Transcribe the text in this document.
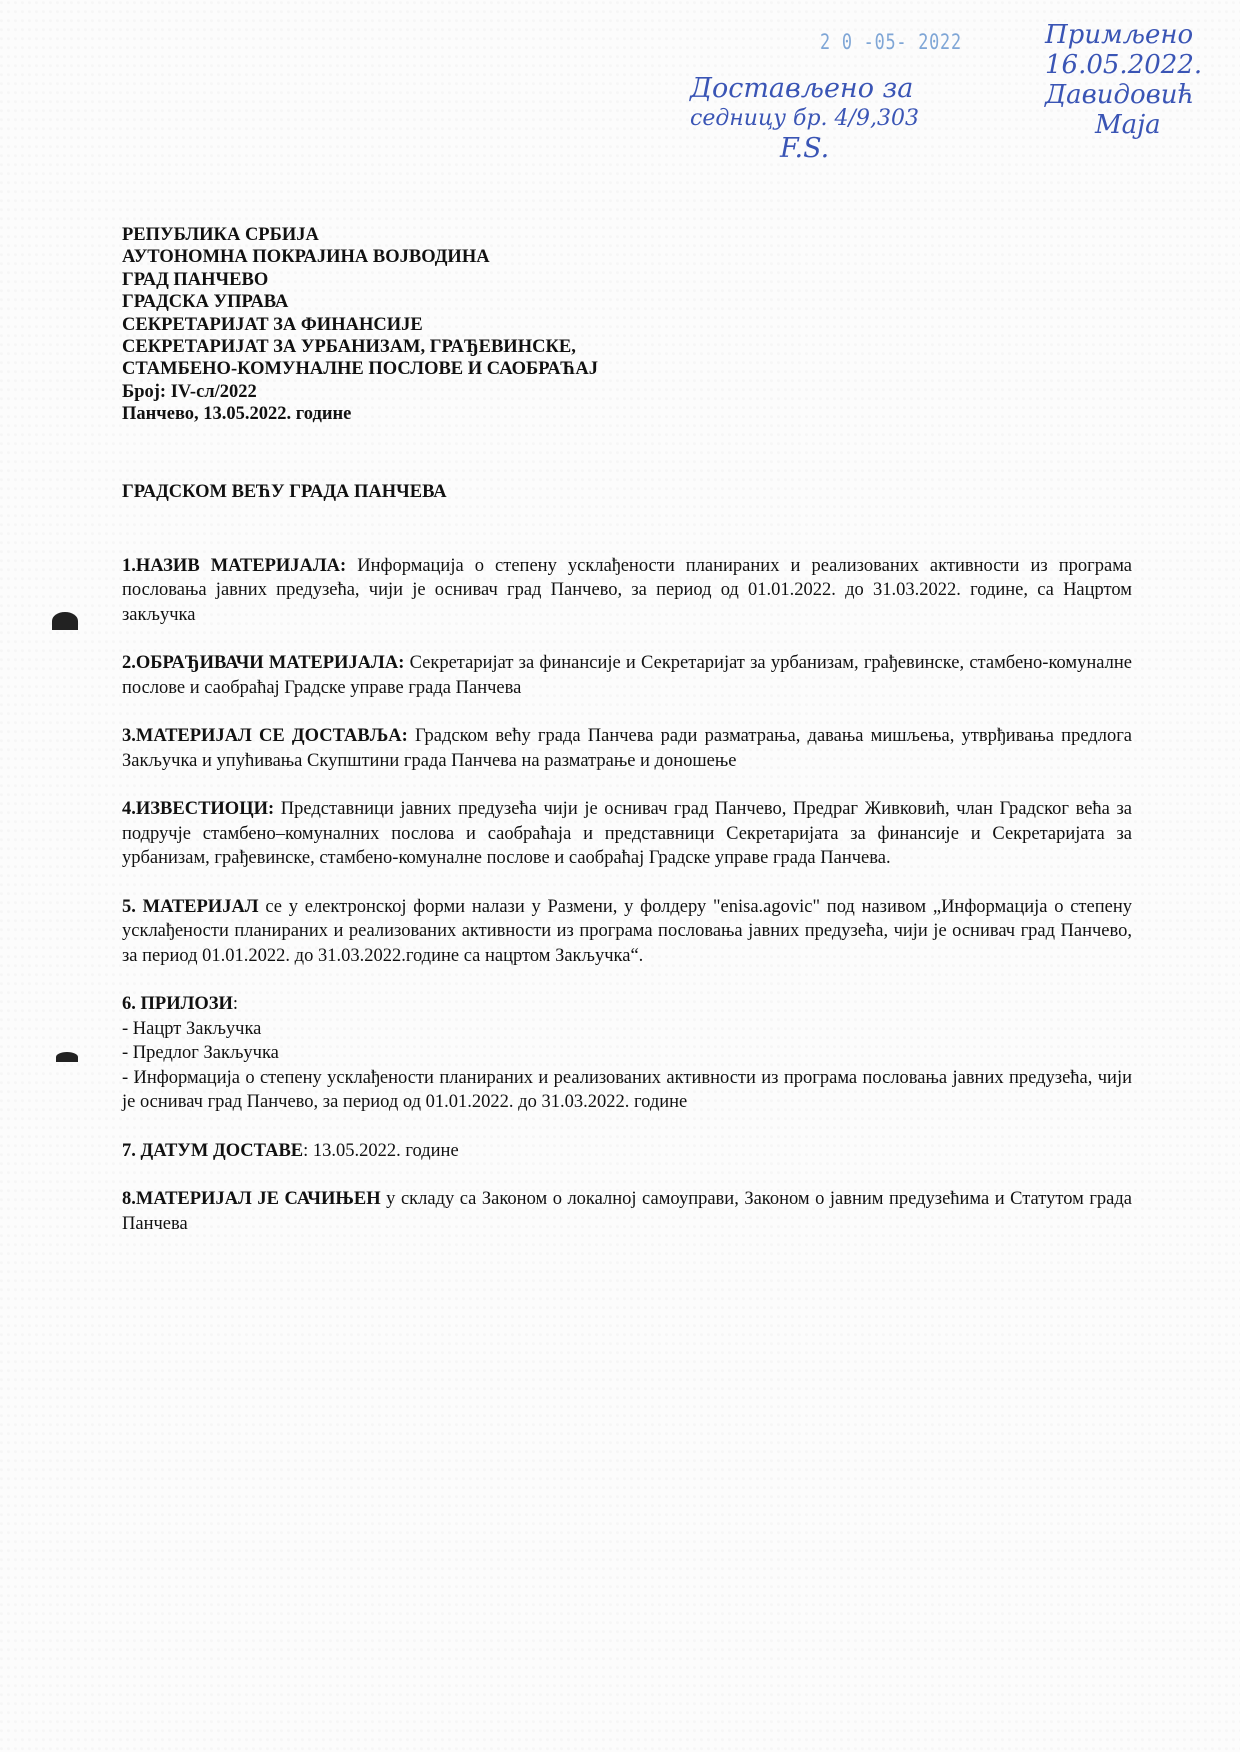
2 0 -05- 2022
Достављено за
седницу бр. 4/9,303
F.S.
Примљено
16.05.2022.
Давидовић
Маја
РЕПУБЛИКА СРБИЈА
АУТОНОМНА ПОКРАЈИНА ВОЈВОДИНА
ГРАД ПАНЧЕВО
ГРАДСКА УПРАВА
СЕКРЕТАРИЈАТ ЗА ФИНАНСИЈЕ
СЕКРЕТАРИЈАТ ЗА УРБАНИЗАМ, ГРАЂЕВИНСКЕ,
СТАМБЕНО-КОМУНАЛНЕ ПОСЛОВЕ И САОБРАЋАЈ
Број: IV-сл/2022
Панчево, 13.05.2022. године
ГРАДСКОМ ВЕЋУ ГРАДА ПАНЧЕВА
1.НАЗИВ МАТЕРИЈАЛА: Информација о степену усклађености планираних и реализованих активности из програма пословања јавних предузећа, чији је оснивач град Панчево, за период од 01.01.2022. до 31.03.2022. године, са Нацртом закључка
2.ОБРАЂИВАЧИ МАТЕРИЈАЛА: Секретаријат за финансије и Секретаријат за урбанизам, грађевинске, стамбено-комуналне послове и саобраћај Градске управе града Панчева
3.МАТЕРИЈАЛ СЕ ДОСТАВЉА: Градском већу града Панчева ради разматрања, давања мишљења, утврђивања предлога Закључка и упућивања Скупштини града Панчева на разматрање и доношење
4.ИЗВЕСТИОЦИ: Представници јавних предузећа чији је оснивач град Панчево, Предраг Живковић, члан Градског већа за подручје стамбено–комуналних послова и саобраћаја и представници Секретаријата за финансије и Секретаријата за урбанизам, грађевинске, стамбено-комуналне послове и саобраћај Градске управе града Панчева.
5. МАТЕРИЈАЛ се у електронској форми налази у Размени, у фолдеру "enisa.agovic" под називом „Информација о степену усклађености планираних и реализованих активности из програма пословања јавних предузећа, чији је оснивач град Панчево, за период 01.01.2022. до 31.03.2022.године са нацртом Закључка“.
6. ПРИЛОЗИ:
- Нацрт Закључка
- Предлог Закључка
- Информација о степену усклађености планираних и реализованих активности из програма пословања јавних предузећа, чији је оснивач град Панчево, за период од 01.01.2022. до 31.03.2022. године
7. ДАТУМ ДОСТАВЕ: 13.05.2022. године
8.МАТЕРИЈАЛ ЈЕ САЧИЊЕН у складу са Законом о локалној самоуправи, Законом о јавним предузећима и Статутом града Панчева
